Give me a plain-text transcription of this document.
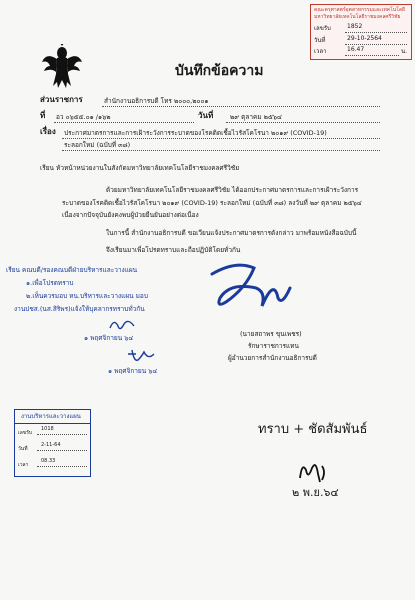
บันทึกข้อความ
คณะครุศาสตร์อุตสาหกรรมและเทคโนโลยี
มหาวิทยาลัยเทคโนโลยีราชมงคลศรีวิชัย
เลขรับ	1852
วันที่	29-10-2564
เวลา	16.47	น.
ส่วนราชการ	สำนักงานอธิการบดี โทร ๒๐๐๐,๒๐๐๑
ที่ อว ๐๖๕๕.๐๑ /๑๖๒	วันที่	๒๙ ตุลาคม ๒๕๖๔
เรื่อง ประกาศมาตรการและการเฝ้าระวังการระบาดของโรคติดเชื้อไวรัสโคโรนา ๒๐๑๙ (COVID-19)
ระลอกใหม่ (ฉบับที่ ๓๘)
เรียน หัวหน้าหน่วยงานในสังกัดมหาวิทยาลัยเทคโนโลยีราชมงคลศรีวิชัย
ด้วยมหาวิทยาลัยเทคโนโลยีราชมงคลศรีวิชัย ได้ออกประกาศมาตรการและการเฝ้าระวังการ
ระบาดของโรคติดเชื้อไวรัสโคโรนา ๒๐๑๙ (COVID-19) ระลอกใหม่ (ฉบับที่ ๓๘) ลงวันที่ ๒๙ ตุลาคม ๒๕๖๔
เนื่องจากปัจจุบันยังคงพบผู้ป่วยยืนยันอย่างต่อเนื่อง
ในการนี้ สำนักงานอธิการบดี ขอเวียนแจ้งประกาศมาตรการดังกล่าว มาพร้อมหนังสือฉบับนี้
จึงเรียนมาเพื่อโปรดทราบและถือปฏิบัติโดยทั่วกัน
เรียน คณบดี/รองคณบดีฝ่ายบริหารและวางแผน
๑.เพื่อโปรดทราบ
๒.เห็นควรมอบ หน.บริหารและวางแผน มอบ
งานปชส.(นส.สิริพร)แจ้งให้บุคลากรทราบทั่วกัน
๑ พฤศจิกายน ๖๔
๑ พฤศจิกายน ๖๔
(นายสถาพร ขุนเพชร)
รักษาราชการแทน
ผู้อำนวยการสำนักงานอธิการบดี
งานบริหารและวางแผน
เลขรับ
1018
วันที่
2-11-64
เวลา
08.33
ทราบ + ชัดสัมพันธ์
๒ พ.ย.๖๔
